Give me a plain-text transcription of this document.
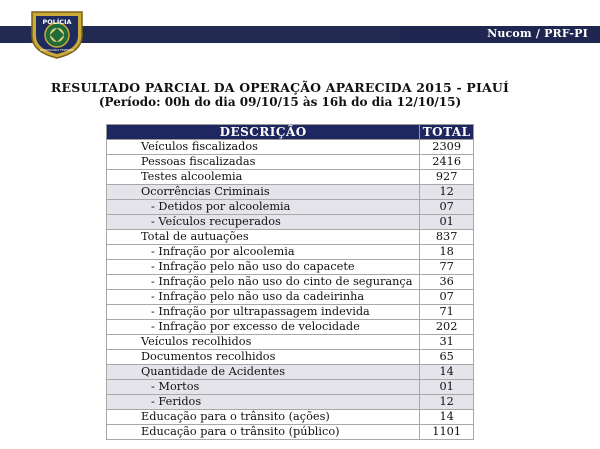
Nucom / PRF-PI
POLÍCIA
RODOVIÁRIA FEDERAL
RESULTADO PARCIAL DA OPERAÇÃO APARECIDA 2015 - PIAUÍ
(Período: 00h do dia 09/10/15 às 16h do dia 12/10/15)
DESCRIÇÃO	TOTAL
Veículos fiscalizados	2309
Pessoas fiscalizadas	2416
Testes alcoolemia	927
Ocorrências Criminais	12
- Detidos por alcoolemia	07
- Veículos recuperados	01
Total de autuações	837
- Infração por alcoolemia	18
- Infração pelo não uso do capacete	77
- Infração pelo não uso do cinto de segurança	36
- Infração pelo não uso da cadeirinha	07
- Infração por ultrapassagem indevida	71
- Infração por excesso de velocidade	202
Veículos recolhidos	31
Documentos recolhidos	65
Quantidade de Acidentes	14
- Mortos	01
- Feridos	12
Educação para o trânsito (ações)	14
Educação para o trânsito (público)	1101
